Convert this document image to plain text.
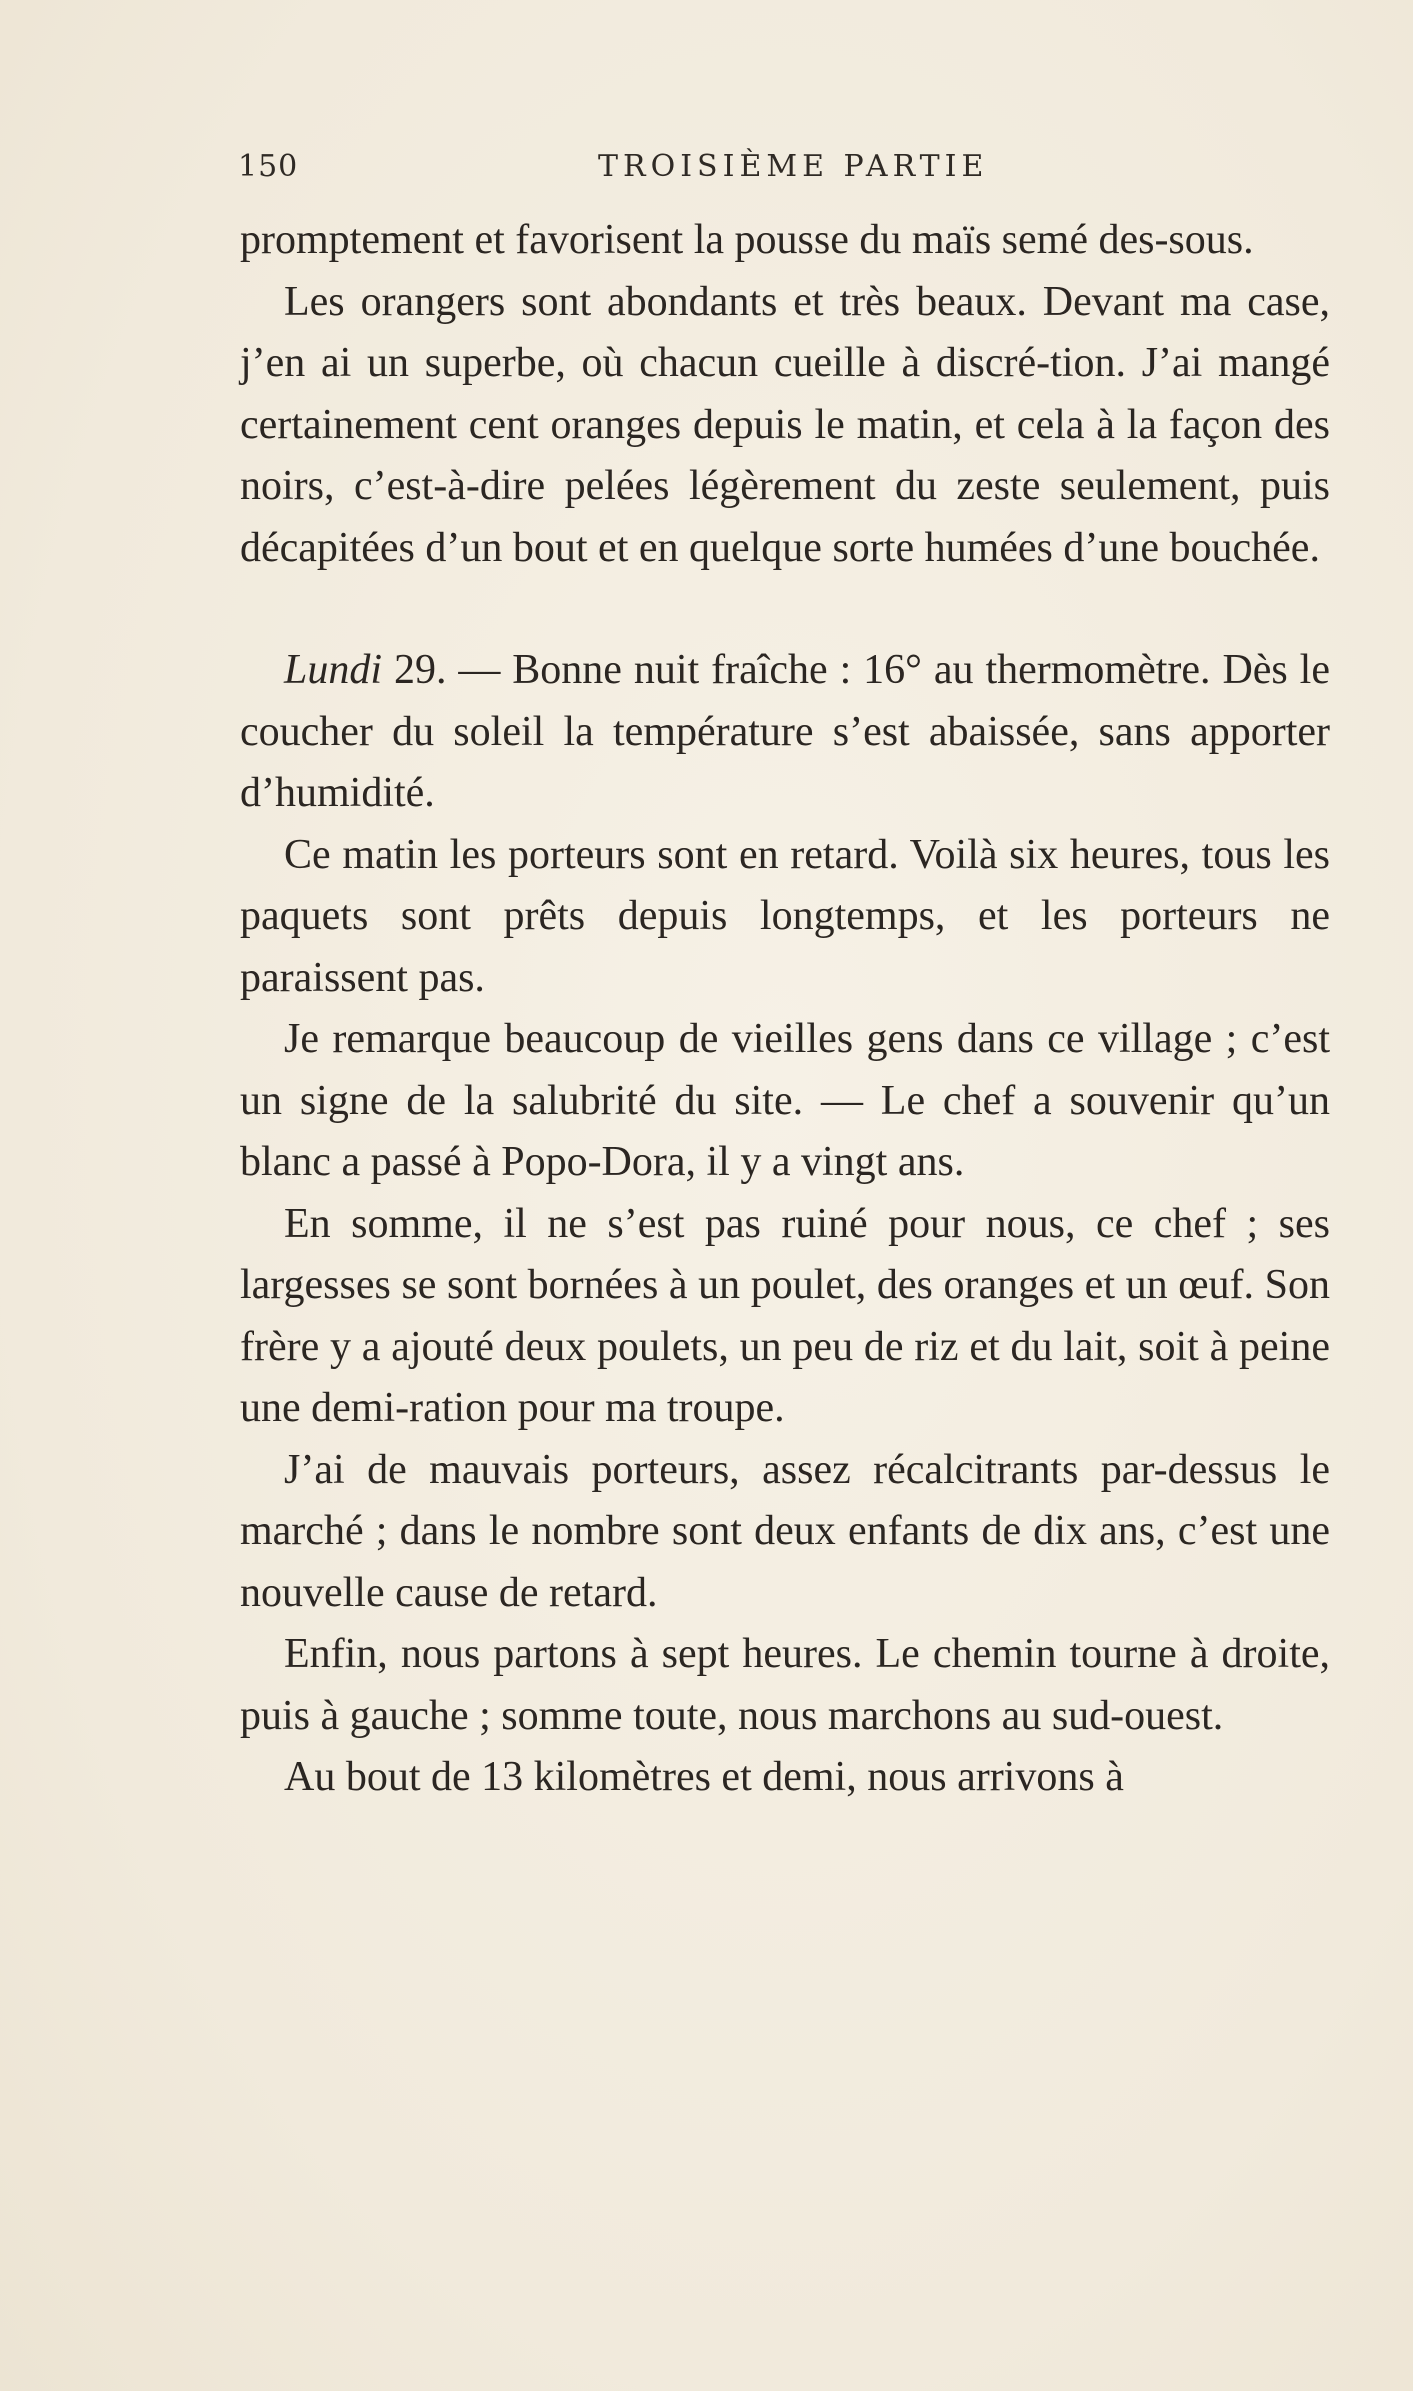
150	TROISIÈME PARTIE

promptement et favorisent la pousse du maïs semé des-sous.

Les orangers sont abondants et très beaux. Devant ma case, j’en ai un superbe, où chacun cueille à discré-tion. J’ai mangé certainement cent oranges depuis le matin, et cela à la façon des noirs, c’est-à-dire pelées légèrement du zeste seulement, puis décapitées d’un bout et en quelque sorte humées d’une bouchée.

Lundi 29. — Bonne nuit fraîche : 16° au thermomètre. Dès le coucher du soleil la température s’est abaissée, sans apporter d’humidité.

Ce matin les porteurs sont en retard. Voilà six heures, tous les paquets sont prêts depuis longtemps, et les porteurs ne paraissent pas.

Je remarque beaucoup de vieilles gens dans ce village ; c’est un signe de la salubrité du site. — Le chef a souvenir qu’un blanc a passé à Popo-Dora, il y a vingt ans.

En somme, il ne s’est pas ruiné pour nous, ce chef ; ses largesses se sont bornées à un poulet, des oranges et un œuf. Son frère y a ajouté deux poulets, un peu de riz et du lait, soit à peine une demi-ration pour ma troupe.

J’ai de mauvais porteurs, assez récalcitrants par-dessus le marché ; dans le nombre sont deux enfants de dix ans, c’est une nouvelle cause de retard.

Enfin, nous partons à sept heures. Le chemin tourne à droite, puis à gauche ; somme toute, nous marchons au sud-ouest.

Au bout de 13 kilomètres et demi, nous arrivons à
